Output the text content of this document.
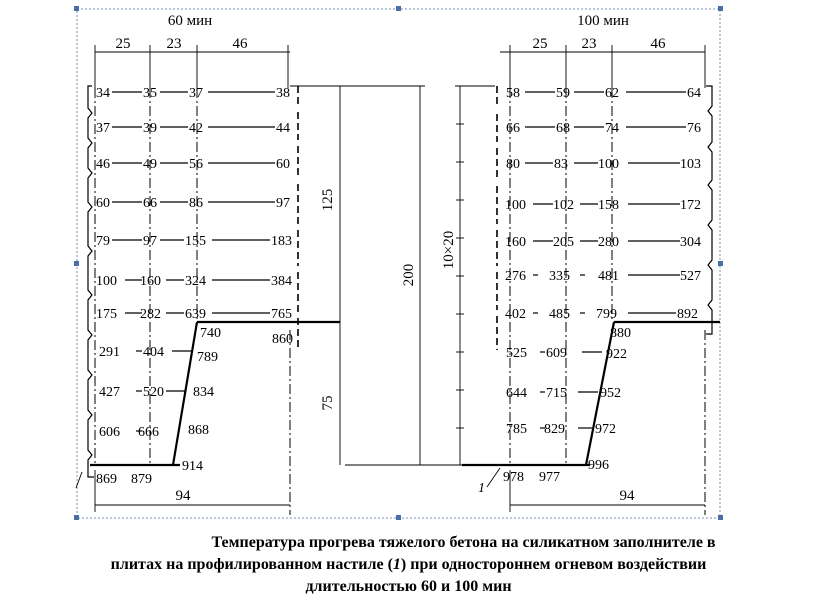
60 мин
25 23	46
34 35 37	38
37 39 42	44
46 49 56	60
60 66 86	97
79 97 155	183
100 160 324	384
175 282 639	765
740	860
291 404 789
427 520 834
606 666 868
914
869 879
94
125
75
200
10×20
100 мин
25 23	46
58	59	62	64
66	68	74	76
80 83 100	103
100 102 158	172
160 205 280	304
276 335 481	527
402 485 799	892
880
525 609	922
644 715 952
785 829 972
996
978 977
1	94
Температура прогрева тяжелого бетона на силикатном заполнителе в
плитах на профилированном настиле (1) при одностороннем огневом воздействии
длительностью 60 и 100 мин
